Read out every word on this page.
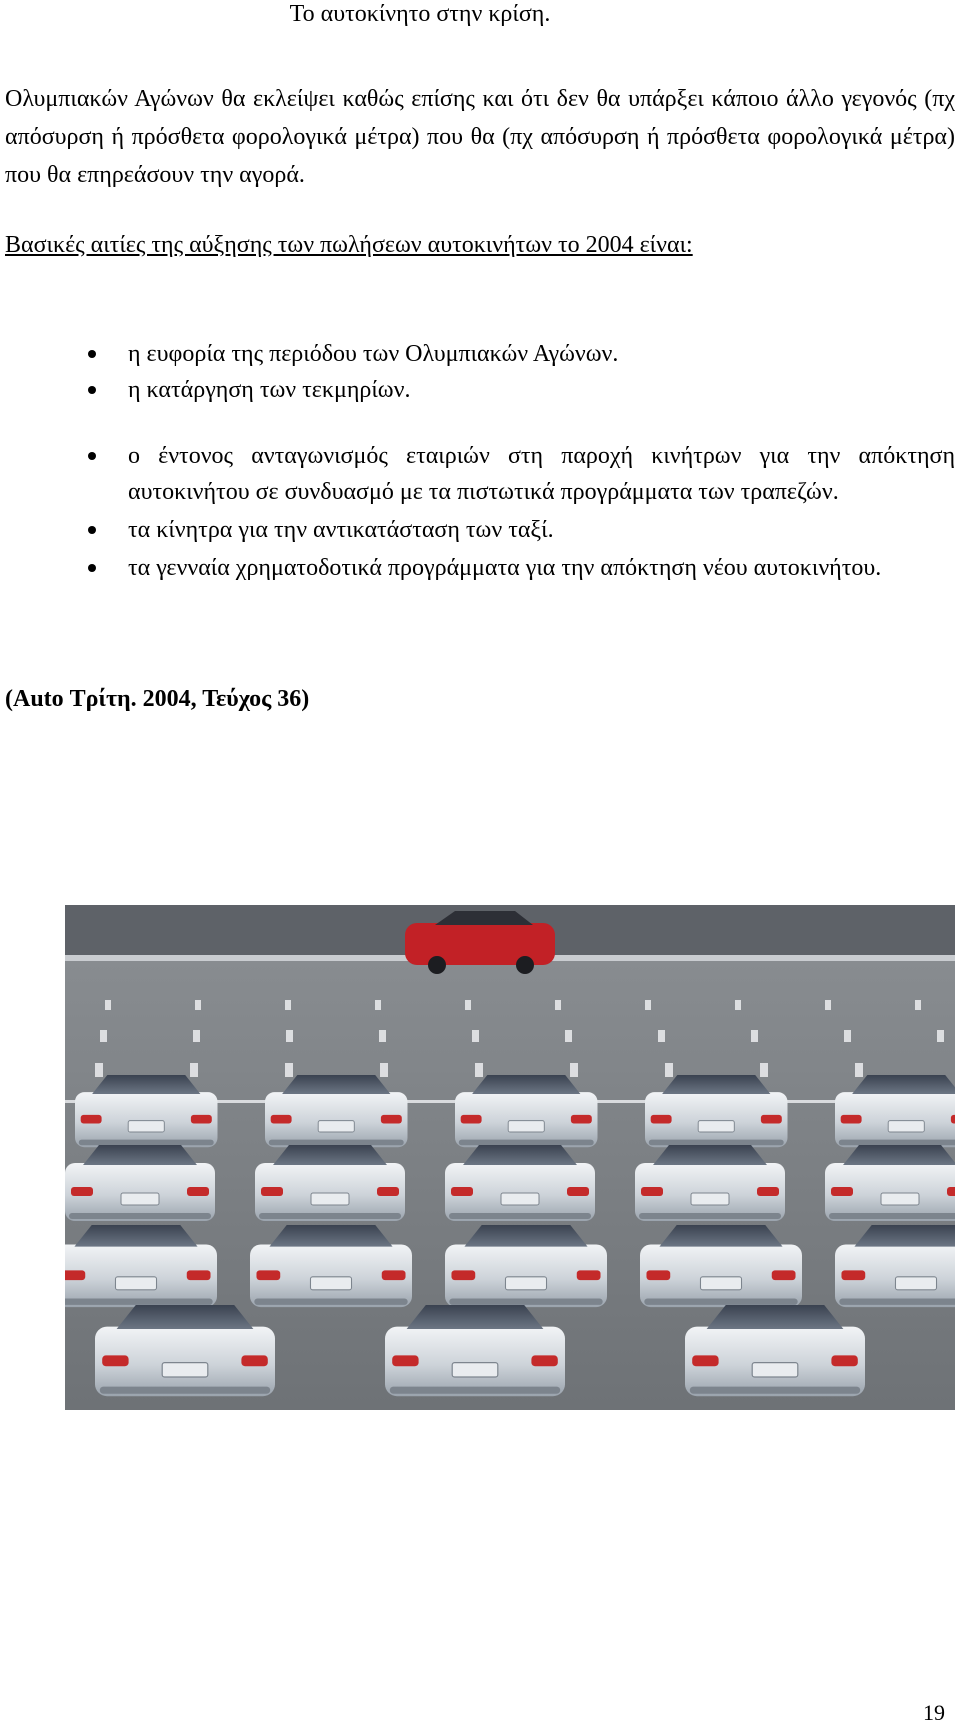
Το αυτοκίνητο στην κρίση.
Ολυμπιακών Αγώνων θα εκλείψει καθώς επίσης και ότι δεν θα υπάρξει κάποιο άλλο γεγονός (πχ απόσυρση ή πρόσθετα φορολογικά μέτρα) που θα (πχ απόσυρση ή πρόσθετα φορολογικά μέτρα) που θα επηρεάσουν την αγορά.
Βασικές αιτίες της αύξησης των πωλήσεων αυτοκινήτων το 2004 είναι:
η ευφορία της περιόδου των Ολυμπιακών Αγώνων.
η κατάργηση των τεκμηρίων.
ο έντονος ανταγωνισμός εταιριών στη παροχή κινήτρων για την απόκτηση αυτοκινήτου σε συνδυασμό με τα πιστωτικά προγράμματα των τραπεζών.
τα κίνητρα για την αντικατάσταση των ταξί.
τα γενναία χρηματοδοτικά προγράμματα για την απόκτηση νέου αυτοκινήτου.
(Auto Τρίτη. 2004, Τεύχος 36)
19
